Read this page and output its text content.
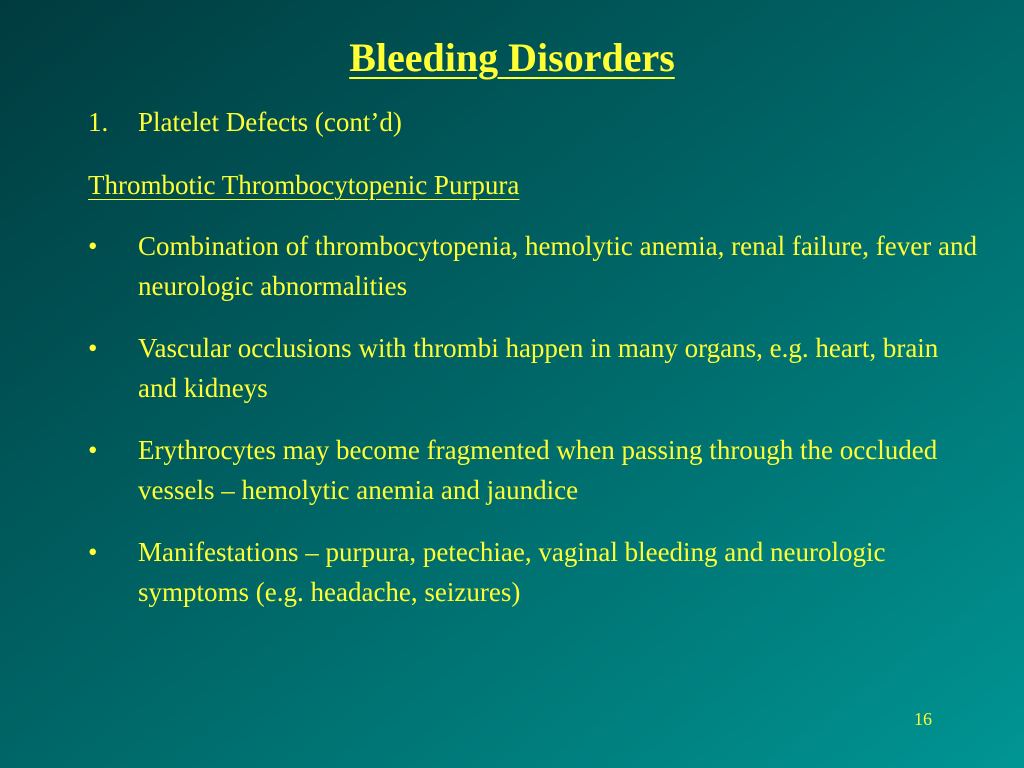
Bleeding Disorders
1. Platelet Defects (cont’d)
Thrombotic Thrombocytopenic Purpura
•	Combination of thrombocytopenia, hemolytic anemia, renal failure, fever and neurologic abnormalities
•	Vascular occlusions with thrombi happen in many organs, e.g. heart, brain and kidneys
•	Erythrocytes may become fragmented when passing through the occluded vessels – hemolytic anemia and jaundice
•	Manifestations – purpura, petechiae, vaginal bleeding and neurologic symptoms (e.g. headache, seizures)
16
